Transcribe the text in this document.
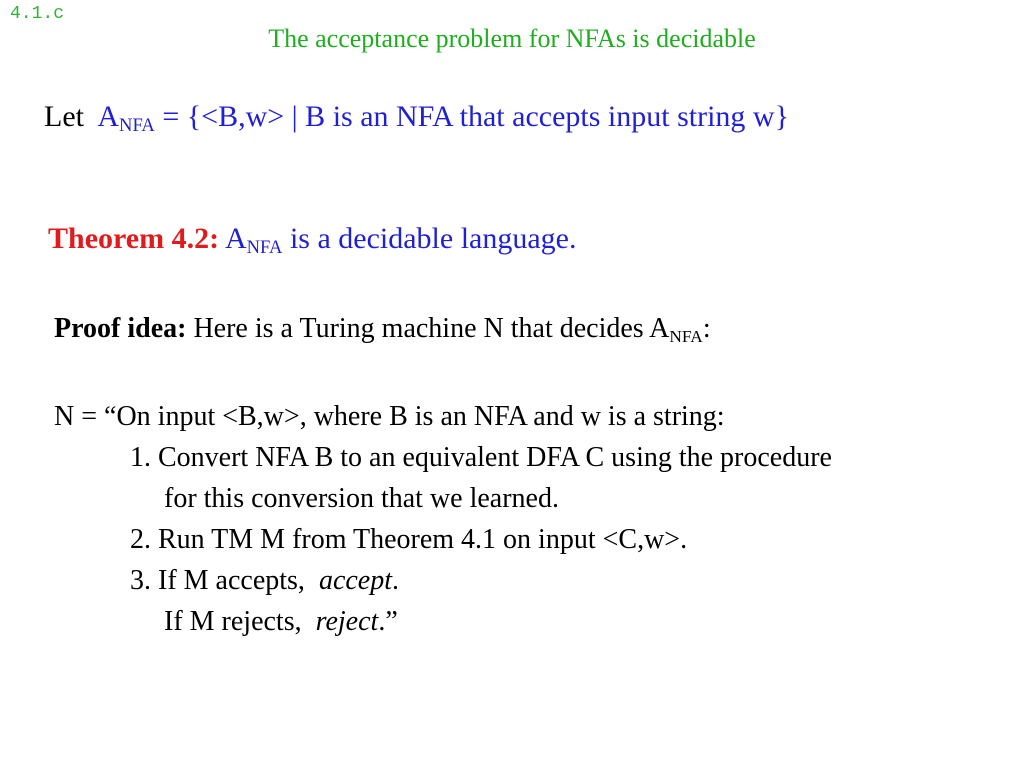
4.1.c
The acceptance problem for NFAs is decidable
Let $A_{NFA} = \{<B,w>$ | B is an NFA that accepts input string w}
Theorem 4.2: $A_{NFA}$ is a decidable language.
Proof idea: Here is a Turing machine N that decides $A_{NFA}$:
N = “On input <B,w>, where B is an NFA and w is a string:
1. Convert NFA B to an equivalent DFA C using the procedure
for this conversion that we learned.
2. Run TM M from Theorem 4.1 on input <C,w>.
3. If M accepts,  accept.
If M rejects,  reject.”
